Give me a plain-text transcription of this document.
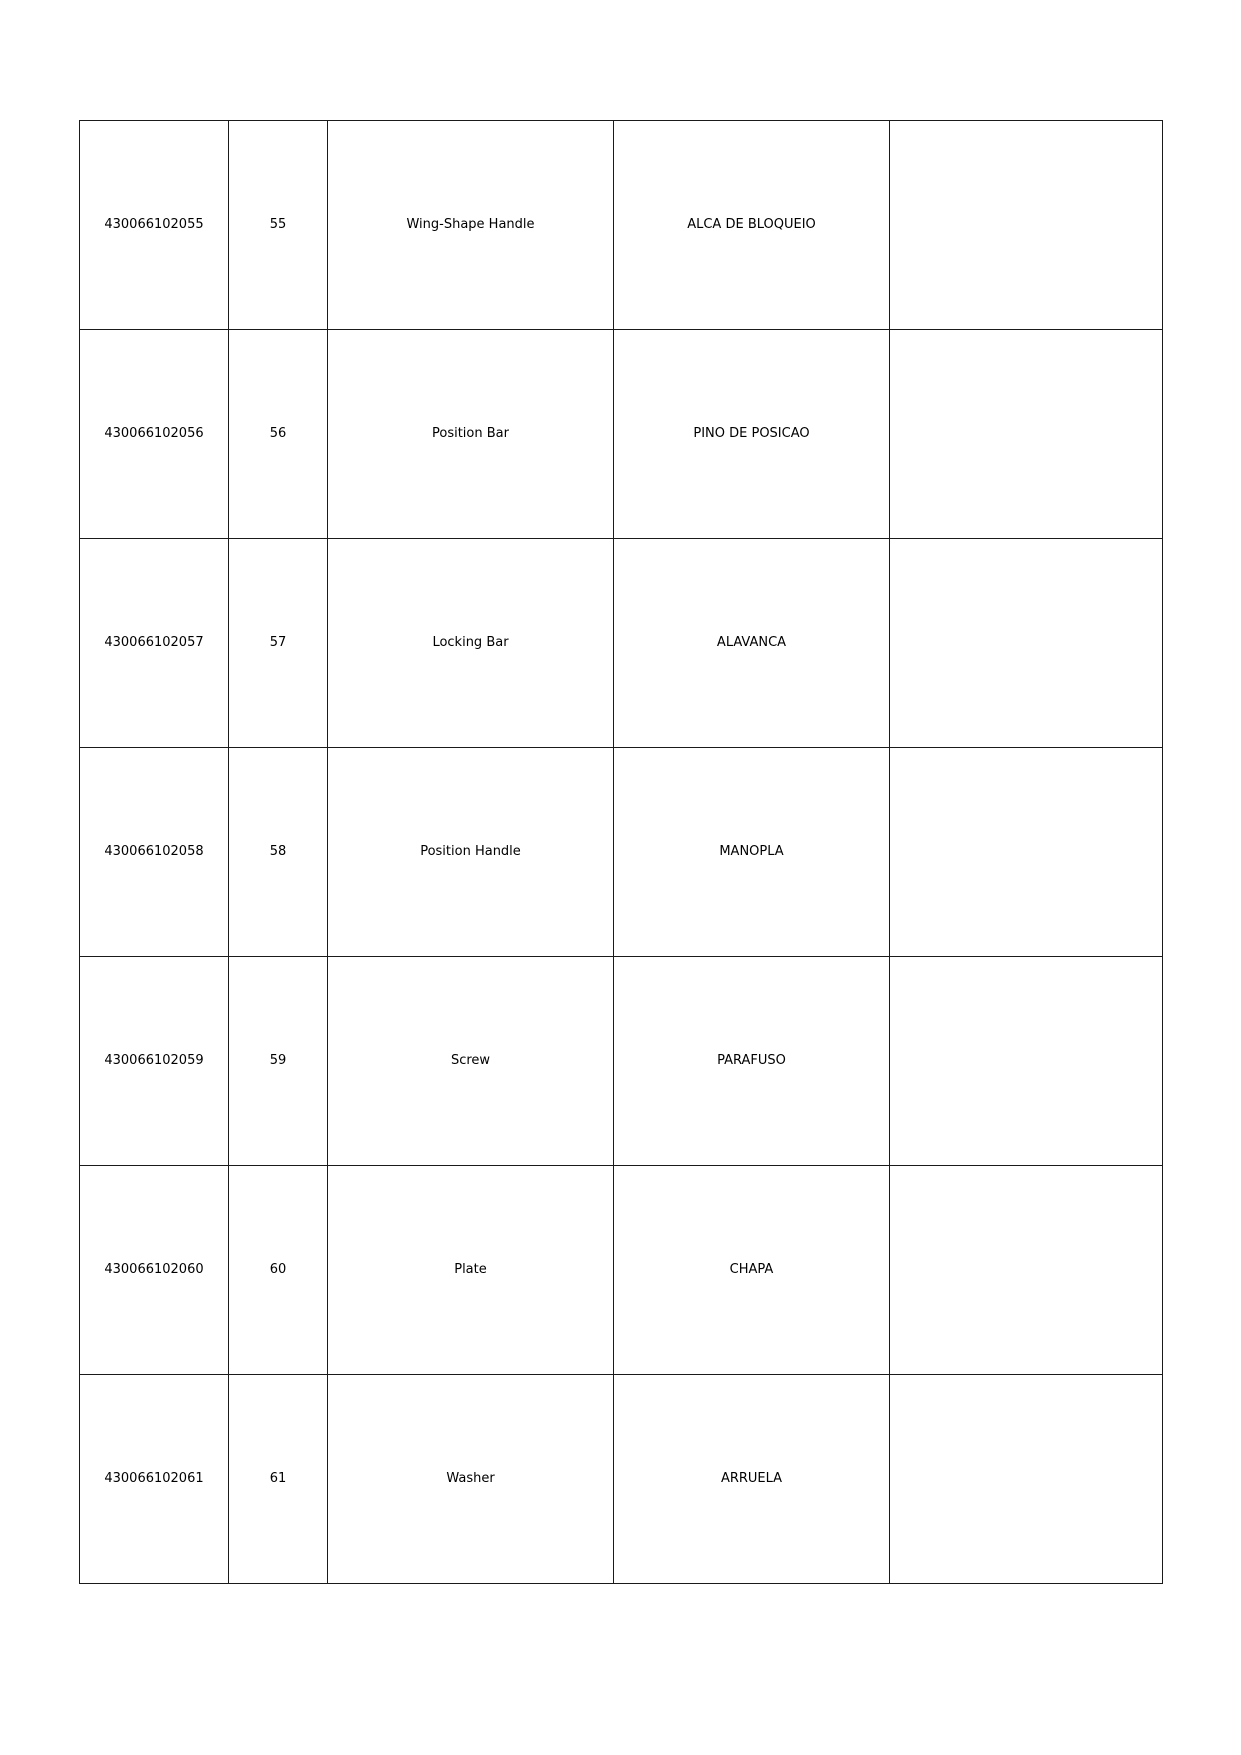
430066102055	55	Wing-Shape Handle	ALCA DE BLOQUEIO	
430066102056	56	Position Bar	PINO DE POSICAO	
430066102057	57	Locking Bar	ALAVANCA	
430066102058	58	Position Handle	MANOPLA	
430066102059	59	Screw	PARAFUSO	
430066102060	60	Plate	CHAPA	
430066102061	61	Washer	ARRUELA	
